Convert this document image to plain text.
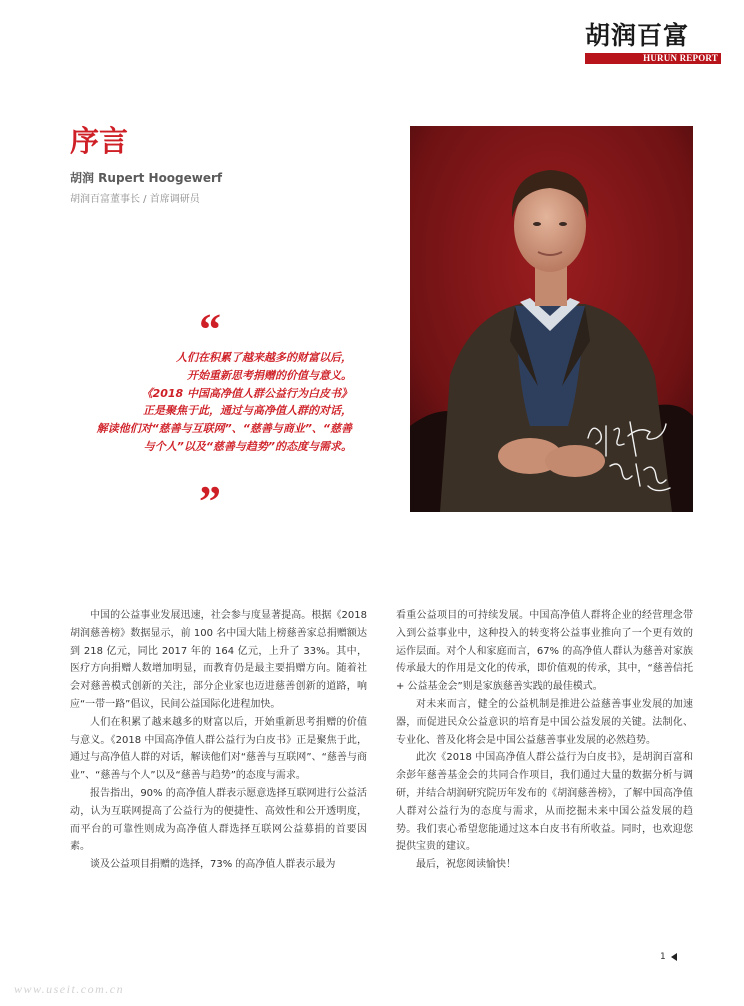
胡润百富
HURUN REPORT
序言
胡润 Rupert Hoogewerf
胡润百富董事长 / 首席调研员
“
人们在积累了越来越多的财富以后，
开始重新思考捐赠的价值与意义。
《2018 中国高净值人群公益行为白皮书》
正是聚焦于此，通过与高净值人群的对话，
解读他们对“慈善与互联网”、“慈善与商业”、“慈善
与个人”以及“慈善与趋势”的态度与需求。
”

中国的公益事业发展迅速，社会参与度显著提高。根据《2018 胡润慈善榜》数据显示，前 100 名中国大陆上榜慈善家总捐赠额达到 218 亿元，同比 2017 年的 164 亿元，上升了 33%。其中，医疗方向捐赠人数增加明显，而教育仍是最主要捐赠方向。随着社会对慈善模式创新的关注，部分企业家也迈进慈善创新的道路，响应“一带一路”倡议，民间公益国际化进程加快。

人们在积累了越来越多的财富以后，开始重新思考捐赠的价值与意义。《2018 中国高净值人群公益行为白皮书》正是聚焦于此，通过与高净值人群的对话，解读他们对“慈善与互联网”、“慈善与商业”、“慈善与个人”以及“慈善与趋势”的态度与需求。

报告指出，90% 的高净值人群表示愿意选择互联网进行公益活动，认为互联网提高了公益行为的便捷性、高效性和公开透明度，而平台的可靠性则成为高净值人群选择互联网公益募捐的首要因素。

谈及公益项目捐赠的选择，73% 的高净值人群表示最为

看重公益项目的可持续发展。中国高净值人群将企业的经营理念带入到公益事业中，这种投入的转变将公益事业推向了一个更有效的运作层面。对个人和家庭而言，67% 的高净值人群认为慈善对家族传承最大的作用是文化的传承，即价值观的传承，其中，“慈善信托 + 公益基金会”则是家族慈善实践的最佳模式。

对未来而言，健全的公益机制是推进公益慈善事业发展的加速器，而促进民众公益意识的培育是中国公益发展的关键。法制化、专业化、普及化将会是中国公益慈善事业发展的必然趋势。

此次《2018 中国高净值人群公益行为白皮书》，是胡润百富和余彭年慈善基金会的共同合作项目，我们通过大量的数据分析与调研，并结合胡润研究院历年发布的《胡润慈善榜》，了解中国高净值人群对公益行为的态度与需求，从而挖掘未来中国公益发展的趋势。我们衷心希望您能通过这本白皮书有所收益。同时，也欢迎您提供宝贵的建议。

最后，祝您阅读愉快！

1
www.useit.com.cn
